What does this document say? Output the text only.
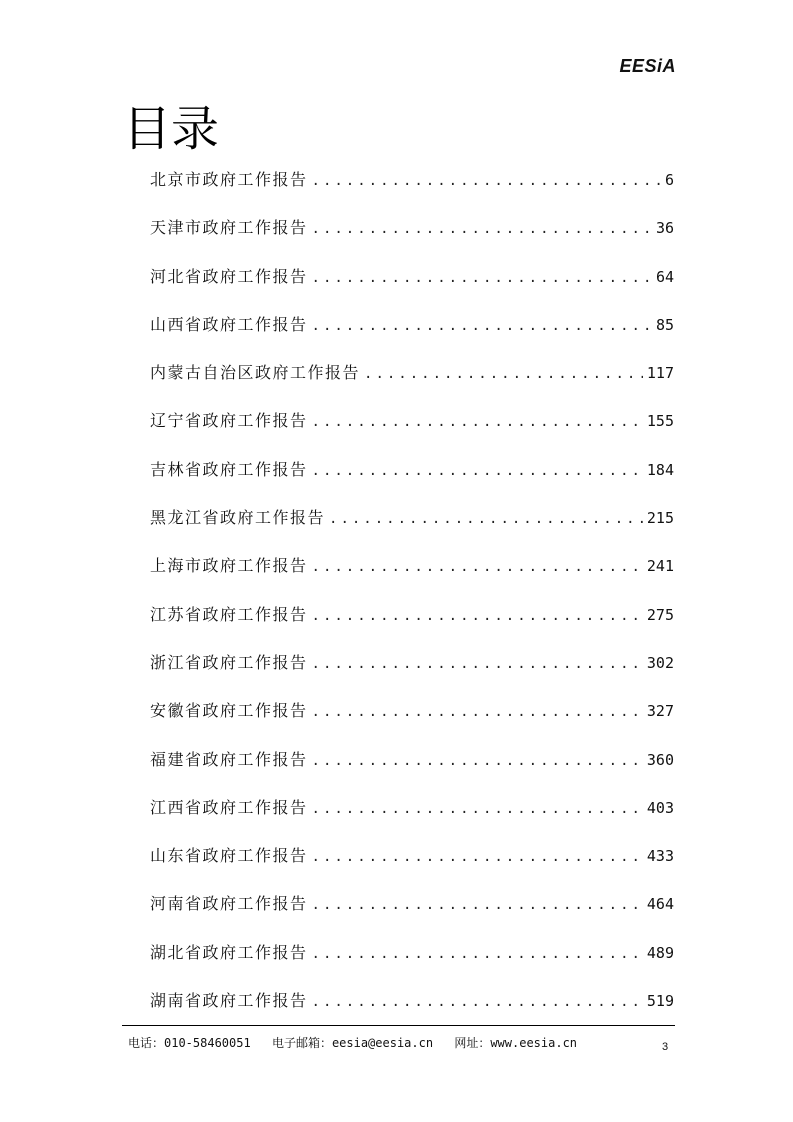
EESiA
目录
北京市政府工作报告 .....	6
天津市政府工作报告 .....	36
河北省政府工作报告 .....	64
山西省政府工作报告 .....	85
内蒙古自治区政府工作报告 .....	117
辽宁省政府工作报告 .....	155
吉林省政府工作报告 .....	184
黑龙江省政府工作报告 .....	215
上海市政府工作报告 .....	241
江苏省政府工作报告 .....	275
浙江省政府工作报告 .....	302
安徽省政府工作报告 .....	327
福建省政府工作报告 .....	360
江西省政府工作报告 .....	403
山东省政府工作报告 .....	433
河南省政府工作报告 .....	464
湖北省政府工作报告 .....	489
湖南省政府工作报告 .....	519
电话：010-58460051 电子邮箱：eesia@eesia.cn 网址：www.eesia.cn	3
